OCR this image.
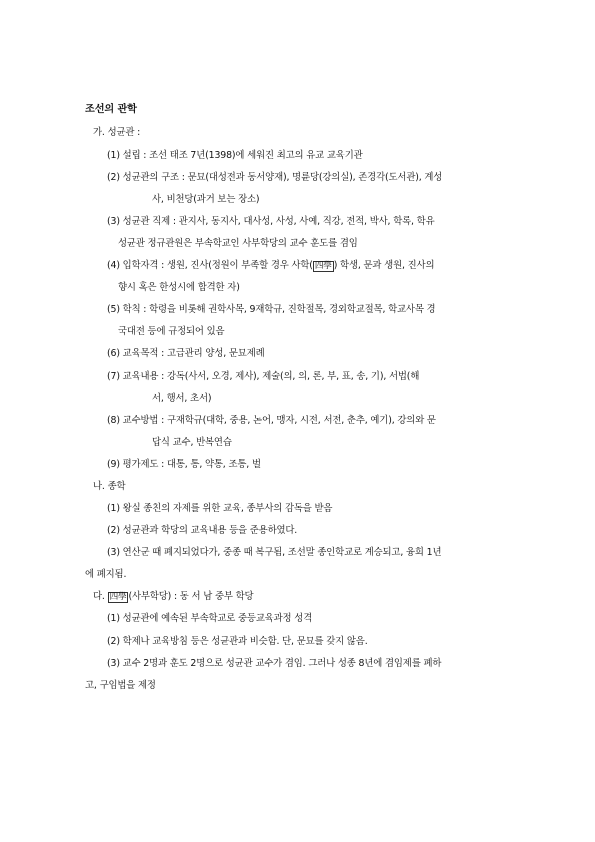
조선의 관학
가. 성균관 :
(1) 설립 : 조선 태조 7년(1398)에 세워진 최고의 유교 교육기관
(2) 성균관의 구조 : 문묘(대성전과 동서양재), 명륜당(강의실), 존경각(도서관), 계성
사, 비천당(과거 보는 장소)
(3) 성균관 직제 : 관지사, 동지사, 대사성, 사성, 사예, 직강, 전적, 박사, 학록, 학유
성균관 정규관원은 부속학교인 사부학당의 교수 훈도를 겸임
(4) 입학자격 : 생원, 진사(정원이 부족할 경우 사학( 四學 ) 학생, 문과 생원, 진사의
향시 혹은 한성시에 합격한 자)
(5) 학칙 : 학령을 비롯해 권학사목, 9재학규, 진학절목, 경외학교절목, 학교사목 경
국대전 등에 규정되어 있음
(6) 교육목적 : 고급관리 양성, 문묘제례
(7) 교육내용 : 강독(사서, 오경, 제사), 제술(의, 의, 론, 부, 표, 송, 기), 서법(해
서, 행서, 초서)
(8) 교수방법 : 구재학규(대학, 중용, 논어, 맹자, 시전, 서전, 춘추, 예기), 강의와 문
답식 교수, 반복연습
(9) 평가제도 : 대통, 통, 약통, 조통, 벌
나. 종학
(1) 왕실 종친의 자제를 위한 교육, 종부사의 감독을 받음
(2) 성균관과 학당의 교육내용 등을 준용하였다.
(3) 연산군 때 폐지되었다가, 중종 때 복구됨, 조선말 종인학교로 계승되고, 융희 1년
에 폐지됨.
다. 四學 (사부학당) : 동 서 남 중부 학당
(1) 성균관에 예속된 부속학교로 중등교육과정 성격
(2) 학제나 교육방침 등은 성균관과 비슷함. 단, 문묘를 갖지 않음.
(3) 교수 2명과 훈도 2명으로 성균관 교수가 겸임. 그러나 성종 8년에 겸임제를 폐하
고, 구임법을 제정
